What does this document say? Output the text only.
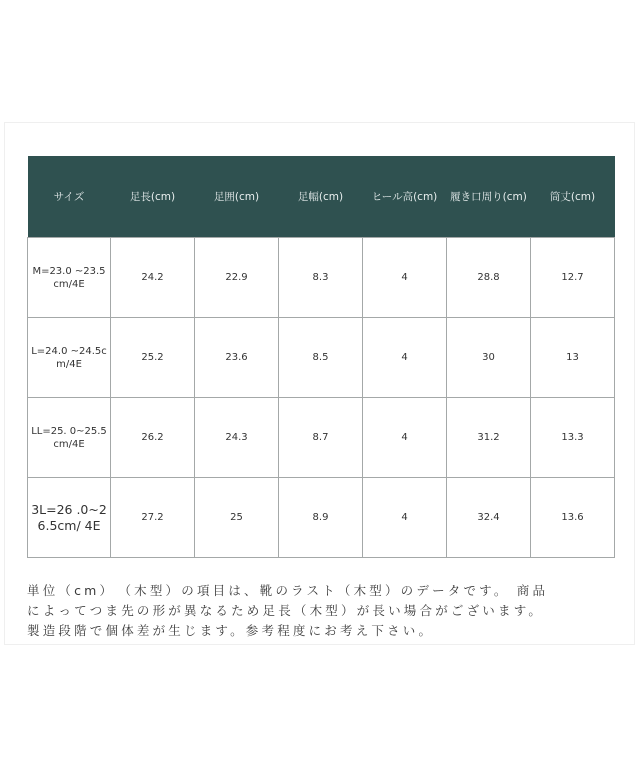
サイズ	足長(cm)	足囲(cm)	足幅(cm)	ヒール高(cm)	履き口周り(cm)	筒丈(cm)
M=23.0 ~23.5cm/4E	24.2	22.9	8.3	4	28.8	12.7
L=24.0 ~24.5cm/4E	25.2	23.6	8.5	4	30	13
LL=25. 0~25.5cm/4E	26.2	24.3	8.7	4	31.2	13.3
3L=26 .0~26.5cm/ 4E	27.2	25	8.9	4	32.4	13.6
単位（cm）　（木型）の項目は、靴のラスト（木型）のデータです。 商品
によってつま先の形が異なるため足長（木型）が長い場合がございます。
製造段階で個体差が生じます。参考程度にお考え下さい。
